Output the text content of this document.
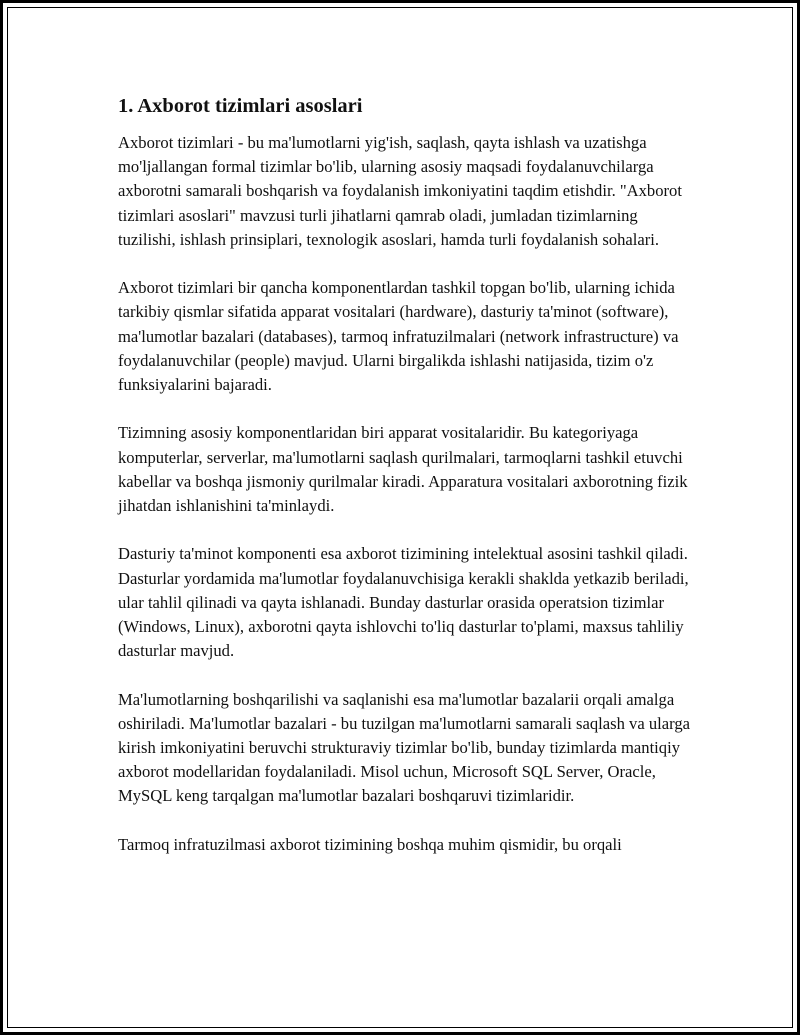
1. Axborot tizimlari asoslari

Axborot tizimlari - bu ma'lumotlarni yig'ish, saqlash, qayta ishlash va uzatishga mo'ljallangan formal tizimlar bo'lib, ularning asosiy maqsadi foydalanuvchilarga axborotni samarali boshqarish va foydalanish imkoniyatini taqdim etishdir. "Axborot tizimlari asoslari" mavzusi turli jihatlarni qamrab oladi, jumladan tizimlarning tuzilishi, ishlash prinsiplari, texnologik asoslari, hamda turli foydalanish sohalari.

Axborot tizimlari bir qancha komponentlardan tashkil topgan bo'lib, ularning ichida tarkibiy qismlar sifatida apparat vositalari (hardware), dasturiy ta'minot (software), ma'lumotlar bazalari (databases), tarmoq infratuzilmalari (network infrastructure) va foydalanuvchilar (people) mavjud. Ularni birgalikda ishlashi natijasida, tizim o'z funksiyalarini bajaradi.

Tizimning asosiy komponentlaridan biri apparat vositalaridir. Bu kategoriyaga komputerlar, serverlar, ma'lumotlarni saqlash qurilmalari, tarmoqlarni tashkil etuvchi kabellar va boshqa jismoniy qurilmalar kiradi. Apparatura vositalari axborotning fizik jihatdan ishlanishini ta'minlaydi.

Dasturiy ta'minot komponenti esa axborot tizimining intelektual asosini tashkil qiladi. Dasturlar yordamida ma'lumotlar foydalanuvchisiga kerakli shaklda yetkazib beriladi, ular tahlil qilinadi va qayta ishlanadi. Bunday dasturlar orasida operatsion tizimlar (Windows, Linux), axborotni qayta ishlovchi to'liq dasturlar to'plami, maxsus tahliliy dasturlar mavjud.

Ma'lumotlarning boshqarilishi va saqlanishi esa ma'lumotlar bazalarii orqali amalga oshiriladi. Ma'lumotlar bazalari - bu tuzilgan ma'lumotlarni samarali saqlash va ularga kirish imkoniyatini beruvchi strukturaviy tizimlar bo'lib, bunday tizimlarda mantiqiy axborot modellaridan foydalaniladi. Misol uchun, Microsoft SQL Server, Oracle, MySQL keng tarqalgan ma'lumotlar bazalari boshqaruvi tizimlaridir.

Tarmoq infratuzilmasi axborot tizimining boshqa muhim qismidir, bu orqali
